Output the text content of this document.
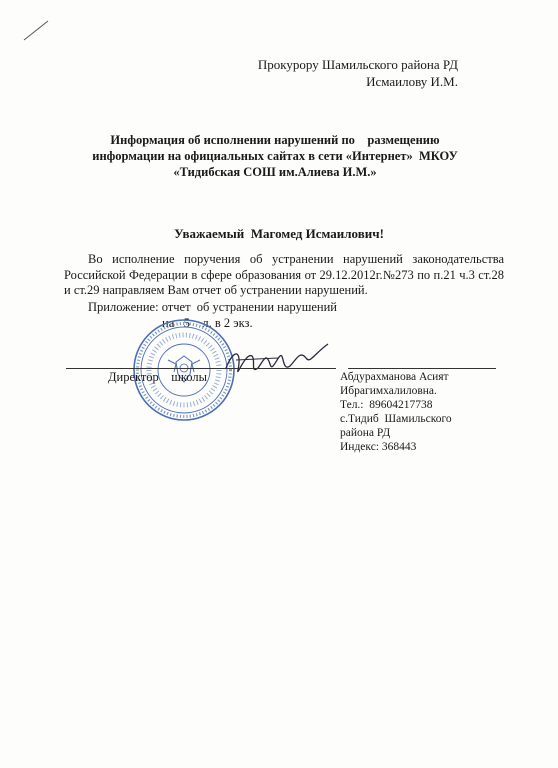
Прокурору Шамильского района РД
Исмаилову И.М.
Информация об исполнении нарушений по    размещению
информации на официальных сайтах в сети «Интернет»  МКОУ
«Тидибская СОШ им.Алиева И.М.»
Уважаемый  Магомед Исмаилович!

Во исполнение поручения об устранении нарушений законодательства Российской Федерации в сфере образования от 29.12.2012г.№273 по п.21 ч.3 ст.28 и ст.29 направляем Вам отчет об устранении нарушений.

Приложение: отчет  об устранении нарушений
на   5    л. в 2 экз.
Директор    школы	Абдурахманова Асият
Ибрагимхалиловна.
Тел.:  89604217738
с.Тидиб  Шамильского
района РД
Индекс: 368443
